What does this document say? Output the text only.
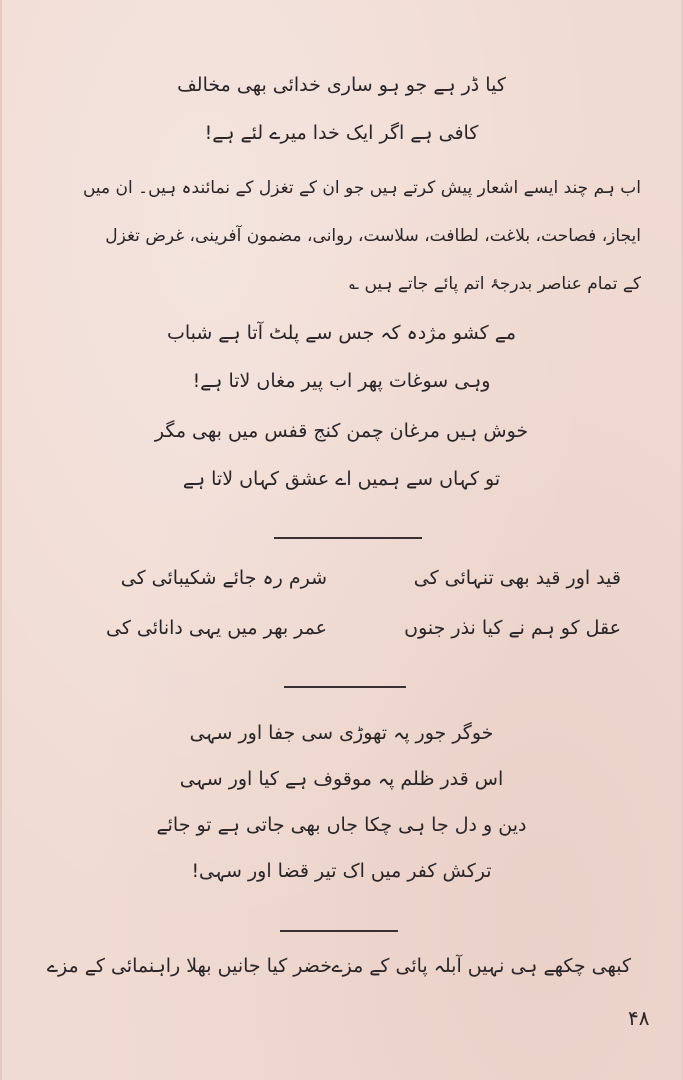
کیا ڈر ہے جو ہو ساری خدائی بھی مخالف
کافی ہے اگر ایک خدا میرے لئے ہے!
اب ہم چند ایسے اشعار پیش کرتے ہیں جو ان کے تغزل کے نمائندہ ہیں۔ ان میں
ایجاز، فصاحت، بلاغت، لطافت، سلاست، روانی، مضمون آفرینی، غرض تغزل
کے تمام عناصر بدرجۂ اتم پائے جاتے ہیں ؎
مے کشو مژدہ کہ جس سے پلٹ آتا ہے شباب
وہی سوغات پھر اب پیر مغاں لاتا ہے!
خوش ہیں مرغان چمن کنج قفس میں بھی مگر
تو کہاں سے ہمیں اے عشق کہاں لاتا ہے
قید اور قید بھی تنہائی کی
شرم رہ جائے شکیبائی کی
عقل کو ہم نے کیا نذر جنوں
عمر بھر میں یہی دانائی کی
خوگر جور پہ تھوڑی سی جفا اور سہی
اس قدر ظلم پہ موقوف ہے کیا اور سہی
دین و دل جا ہی چکا جاں بھی جاتی ہے تو جائے
ترکش کفر میں اک تیر قضا اور سہی!
کبھی چکھے ہی نہیں آبلہ پائی کے مزے
خضر کیا جانیں بھلا راہنمائی کے مزے
۴۸
